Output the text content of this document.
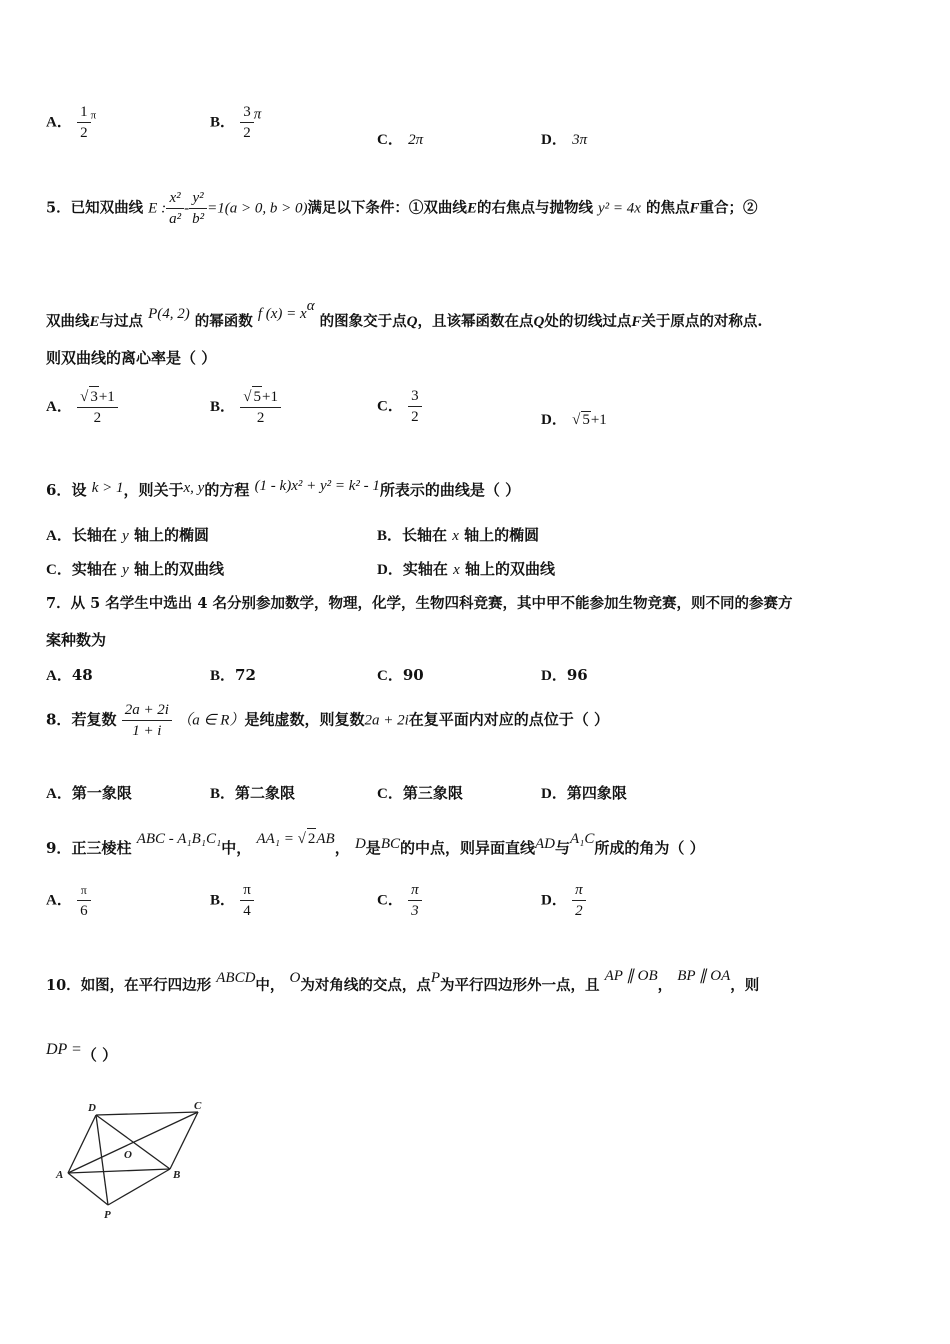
A． $\frac{1}{2} ^\pi$	B． $\frac{3}{2}$ π
C． 2π	D． 3π
5．已知双曲线 E : $\frac{\text{x²}}{\text{a²}} - \frac{\text{y²}}{\text{b²}} =1(a > 0$, b > 0)满足以下条件：①双曲线E的右焦点与抛物线 y² = 4x 的焦点F重合；②
双曲线E与过点 P(4, 2) 的幂函数 f $(x) = x^\alpha$ 的图象交于点Q，且该幂函数在点Q处的切线过点F关于原点的对称点.
则双曲线的离心率是（ ）
A． $\frac{√ 3+1}{2}$	B． $\frac{√ 5+1}{2}$	C． $\frac{3}{2}$	D． √ 5+1
6．设 k > 1，则关于x, y的方程 (1 - k)x² + y² = k² - 1所表示的曲线是（ ）
A．长轴在 y 轴上的椭圆	B．长轴在 x 轴上的椭圆
C．实轴在 y 轴上的双曲线	D．实轴在 x 轴上的双曲线
7．从 5 名学生中选出 4 名分别参加数学，物理，化学，生物四科竞赛，其中甲不能参加生物竞赛，则不同的参赛方
案种数为
A．48	B．72	C．90	D．96
8．若复数 $\frac{2a + 2i}{1 + i} (a$ ∈ R）是纯虚数，则复数2a + 2i在复平面内对应的点位于（ ）
A．第一象限	B．第二象限	C．第三象限	D．第四象限
9．正三棱柱 ABC - A₁B₁C₁中， AA₁ = √ 2AB， D是BC的中点，则异面直线AD与A₁C所成的角为（ ）
A． $\frac{\pi}{6}$	B． $\frac{\pi}{4}$	C． $\frac{\pi}{3}$	D． $\frac{\pi}{2}$
10．如图，在平行四边形 ABCD中， O为对角线的交点，点P为平行四边形外一点，且 AP ∥ OB， BP ∥ OA，则
DP =（ ）
D	C
O
A	B
P
